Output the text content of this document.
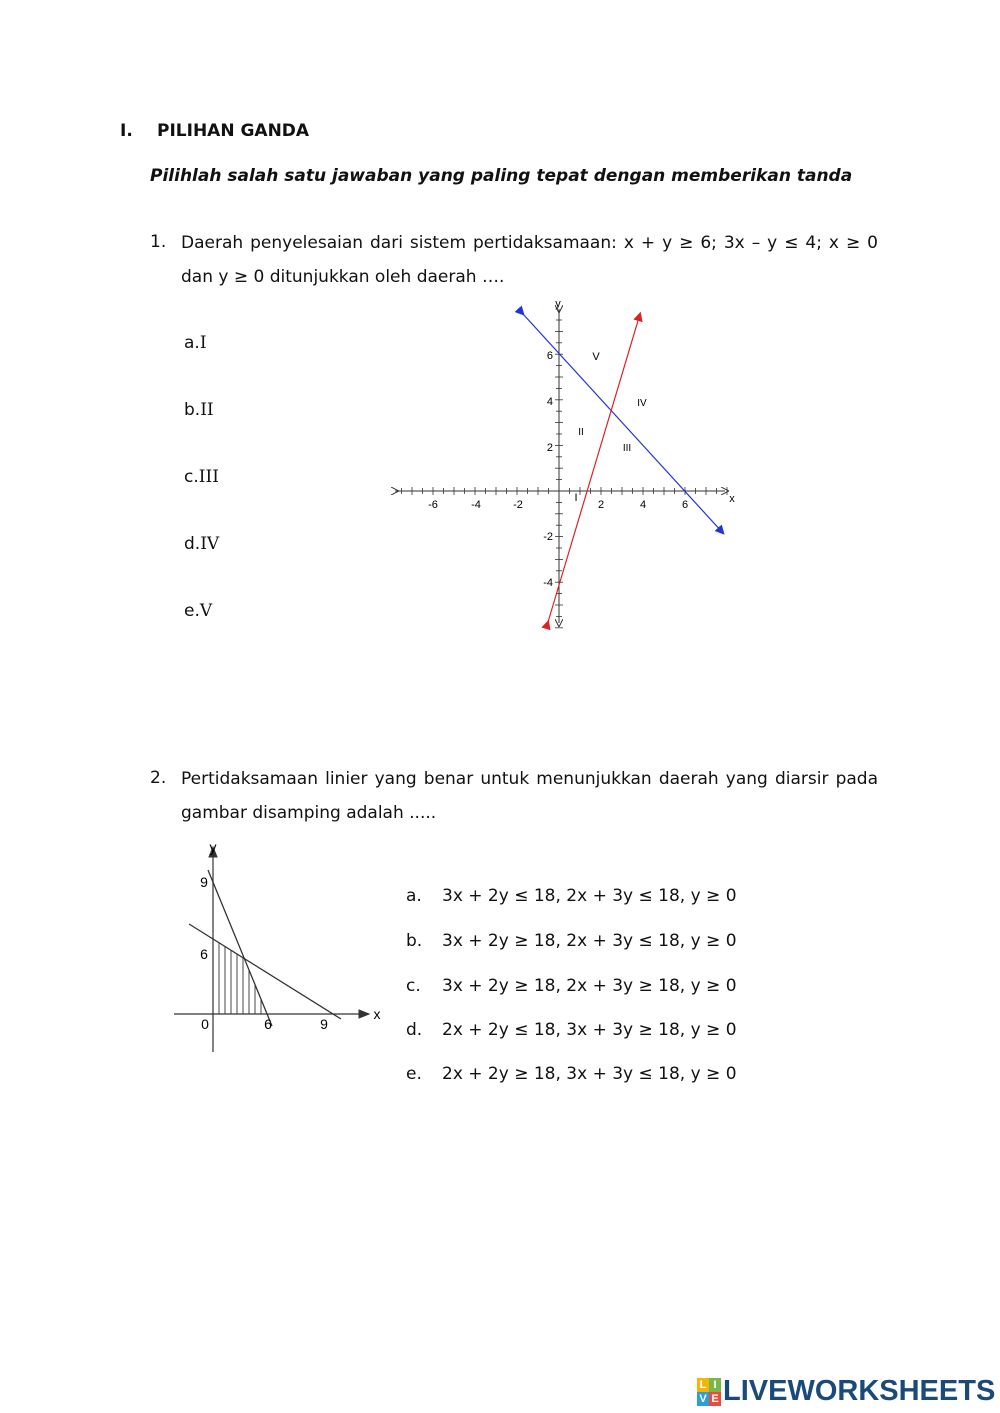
I. PILIHAN GANDA
Pilihlah salah satu jawaban yang paling tepat dengan memberikan tanda
1. Daerah penyelesaian dari sistem pertidaksamaan: x + y ≥ 6; 3x – y ≤ 4; x ≥ 0 dan y ≥ 0 ditunjukkan oleh daerah ….
a.I
b.II
c.III
d.IV
e.V
-6	-4	-2	2	4	6
6
4
2
-2
-4
x
y
I
II
III
IV
V
2. Pertidaksamaan linier yang benar untuk menunjukkan daerah yang diarsir pada gambar disamping adalah .....
9
6
0	6	9
x
y
a. 3x + 2y ≤ 18, 2x + 3y ≤ 18, y ≥ 0
b. 3x + 2y ≥ 18, 2x + 3y ≤ 18, y ≥ 0
c. 3x + 2y ≥ 18, 2x + 3y ≥ 18, y ≥ 0
d. 2x + 2y ≤ 18, 3x + 3y ≥ 18, y ≥ 0
e. 2x + 2y ≥ 18, 3x + 3y ≤ 18, y ≥ 0
L I
V E LIVEWORKSHEETS
